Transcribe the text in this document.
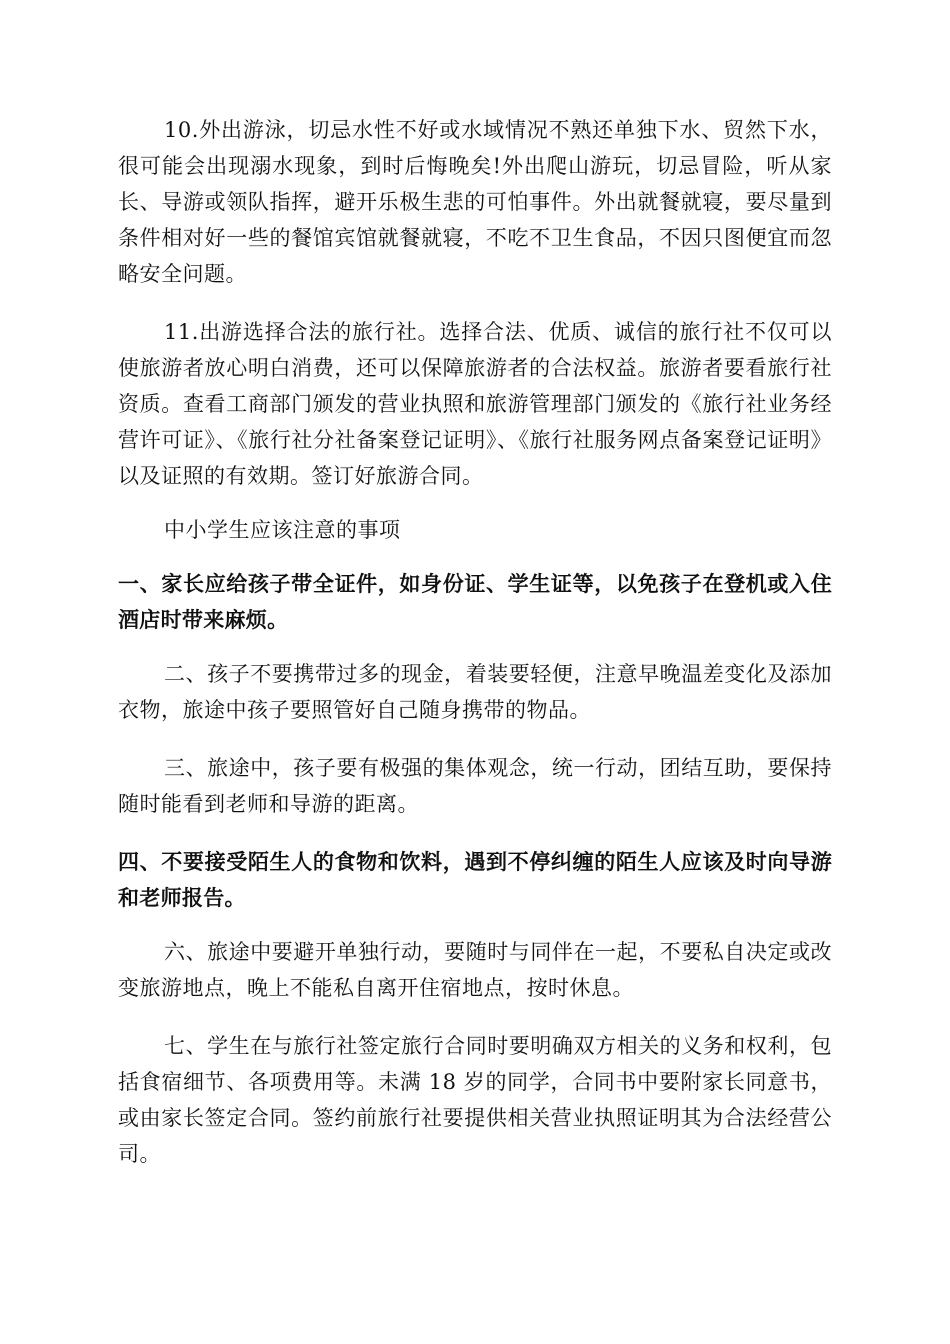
10.外出游泳，切忌水性不好或水域情况不熟还单独下水、贸然下水，很可能会出现溺水现象，到时后悔晚矣!外出爬山游玩，切忌冒险，听从家长、导游或领队指挥，避开乐极生悲的可怕事件。外出就餐就寝，要尽量到条件相对好一些的餐馆宾馆就餐就寝，不吃不卫生食品，不因只图便宜而忽略安全问题。

11.出游选择合法的旅行社。选择合法、优质、诚信的旅行社不仅可以使旅游者放心明白消费，还可以保障旅游者的合法权益。旅游者要看旅行社资质。查看工商部门颁发的营业执照和旅游管理部门颁发的《旅行社业务经营许可证》、《旅行社分社备案登记证明》、《旅行社服务网点备案登记证明》以及证照的有效期。签订好旅游合同。

中小学生应该注意的事项

一、家长应给孩子带全证件，如身份证、学生证等，以免孩子在登机或入住酒店时带来麻烦。

二、孩子不要携带过多的现金，着装要轻便，注意早晚温差变化及添加衣物，旅途中孩子要照管好自己随身携带的物品。

三、旅途中，孩子要有极强的集体观念，统一行动，团结互助，要保持随时能看到老师和导游的距离。

四、不要接受陌生人的食物和饮料，遇到不停纠缠的陌生人应该及时向导游和老师报告。

六、旅途中要避开单独行动，要随时与同伴在一起，不要私自决定或改变旅游地点，晚上不能私自离开住宿地点，按时休息。

七、学生在与旅行社签定旅行合同时要明确双方相关的义务和权利，包括食宿细节、各项费用等。未满 18 岁的同学，合同书中要附家长同意书，或由家长签定合同。签约前旅行社要提供相关营业执照证明其为合法经营公司。
